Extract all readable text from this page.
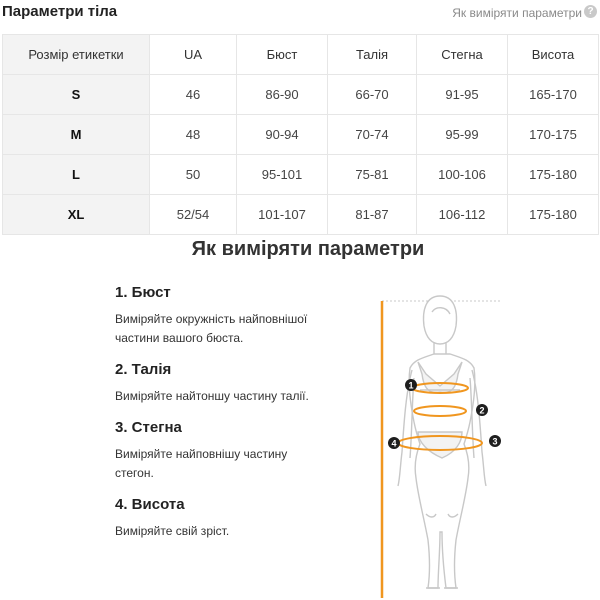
Параметри тіла	Як виміряти параметри ?
Розмір етикетки	UA	Бюст	Талія	Стегна	Висота
S	46	86-90	66-70	91-95	165-170
M	48	90-94	70-74	95-99	170-175
L	50	95-101	75-81	100-106	175-180
XL	52/54	101-107	81-87	106-112	175-180
Як виміряти параметри
1. Бюст
Виміряйте окружність найповнішої
частини вашого бюста.
2. Талія
Виміряйте найтоншу частину талії.
3. Стегна
Виміряйте найповнішу частину
стегон.
4. Висота
Виміряйте свій зріст.
1
2
3
4
